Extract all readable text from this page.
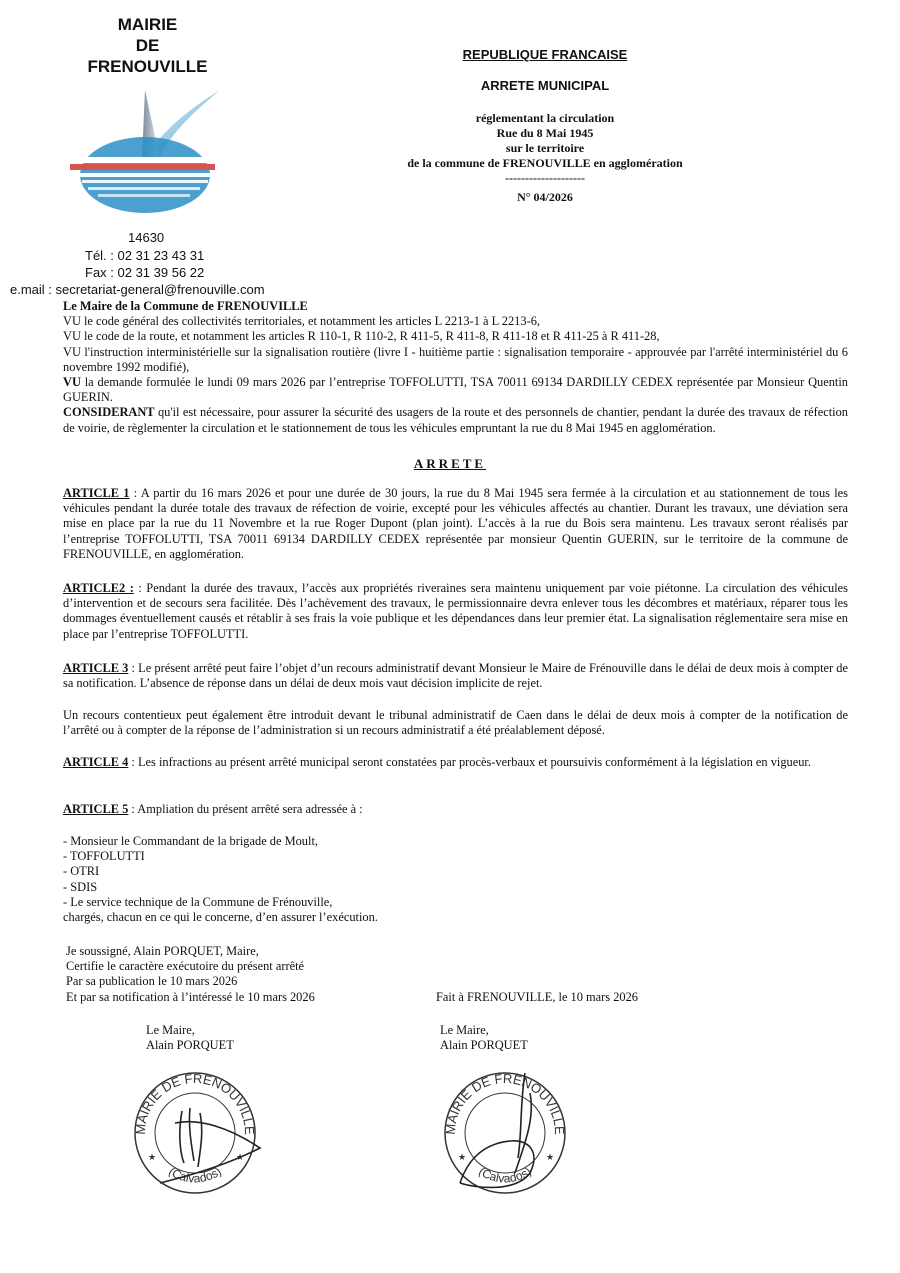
MAIRIE
DE
FRENOUVILLE
14630
Tél. : 02 31 23 43 31
Fax : 02 31 39 56 22
e.mail : secretariat-general@frenouville.com
REPUBLIQUE FRANCAISE
ARRETE MUNICIPAL
réglementant la circulation
Rue du 8 Mai 1945
sur le territoire
de la commune de FRENOUVILLE en agglomération
--------------------
N° 04/2026

Le Maire de la Commune de FRENOUVILLE

VU le code général des collectivités territoriales, et notamment les articles L 2213-1 à L 2213-6,

VU le code de la route, et notamment les articles R 110-1, R 110-2, R 411-5, R 411-8, R 411-18 et R 411-25 à R 411-28,

VU l'instruction interministérielle sur la signalisation routière (livre I - huitième partie : signalisation temporaire - approuvée par l'arrêté interministériel du 6 novembre 1992 modifié),

VU la demande formulée le lundi 09 mars 2026 par l’entreprise TOFFOLUTTI, TSA 70011 69134 DARDILLY CEDEX représentée par Monsieur Quentin GUERIN.

CONSIDERANT qu'il est nécessaire, pour assurer la sécurité des usagers de la route et des personnels de chantier, pendant la durée des travaux de réfection de voirie, de règlementer la circulation et le stationnement de tous les véhicules empruntant la rue du 8 Mai 1945 en agglomération.

ARRETE

ARTICLE 1 : A partir du 16 mars 2026 et pour une durée de 30 jours, la rue du 8 Mai 1945 sera fermée à la circulation et au stationnement de tous les véhicules pendant la durée totale des travaux de réfection de voirie, excepté pour les véhicules affectés au chantier. Durant les travaux, une déviation sera mise en place par la rue du 11 Novembre et la rue Roger Dupont (plan joint). L’accès à la rue du Bois sera maintenu. Les travaux seront réalisés par l’entreprise TOFFOLUTTI, TSA 70011 69134 DARDILLY CEDEX représentée par monsieur Quentin GUERIN, sur le territoire de la commune de FRENOUVILLE, en agglomération.

ARTICLE2 : : Pendant la durée des travaux, l’accès aux propriétés riveraines sera maintenu uniquement par voie piétonne. La circulation des véhicules d’intervention et de secours sera facilitée. Dès l’achèvement des travaux, le permissionnaire devra enlever tous les décombres et matériaux, réparer tous les dommages éventuellement causés et rétablir à ses frais la voie publique et les dépendances dans leur premier état. La signalisation réglementaire sera mise en place par l’entreprise TOFFOLUTTI.

ARTICLE 3 : Le présent arrêté peut faire l’objet d’un recours administratif devant Monsieur le Maire de Frénouville dans le délai de deux mois à compter de sa notification. L’absence de réponse dans un délai de deux mois vaut décision implicite de rejet.

Un recours contentieux peut également être introduit devant le tribunal administratif de Caen dans le délai de deux mois à compter de la notification de l’arrêté ou à compter de la réponse de l’administration si un recours administratif a été préalablement déposé.

ARTICLE 4 : Les infractions au présent arrêté municipal seront constatées par procès-verbaux et poursuivis conformément à la législation en vigueur.

ARTICLE 5 : Ampliation du présent arrêté sera adressée à :

- Monsieur le Commandant de la brigade de Moult,
- TOFFOLUTTI
- OTRI
- SDIS
- Le service technique de la Commune de Frénouville,
chargés, chacun en ce qui le concerne, d’en assurer l’exécution.
Je soussigné, Alain PORQUET, Maire,
Certifie le caractère exécutoire du présent arrêté
Par sa publication le 10 mars 2026
Et par sa notification à l’intéressé le 10 mars 2026	Fait à FRENOUVILLE, le 10 mars 2026
Le Maire,
Alain PORQUET
Le Maire,
Alain PORQUET
MAIRIE DE FRENOUVILLE
(Calvados)
★	★
MAIRIE DE FRENOUVILLE
(Calvados)
★	★
